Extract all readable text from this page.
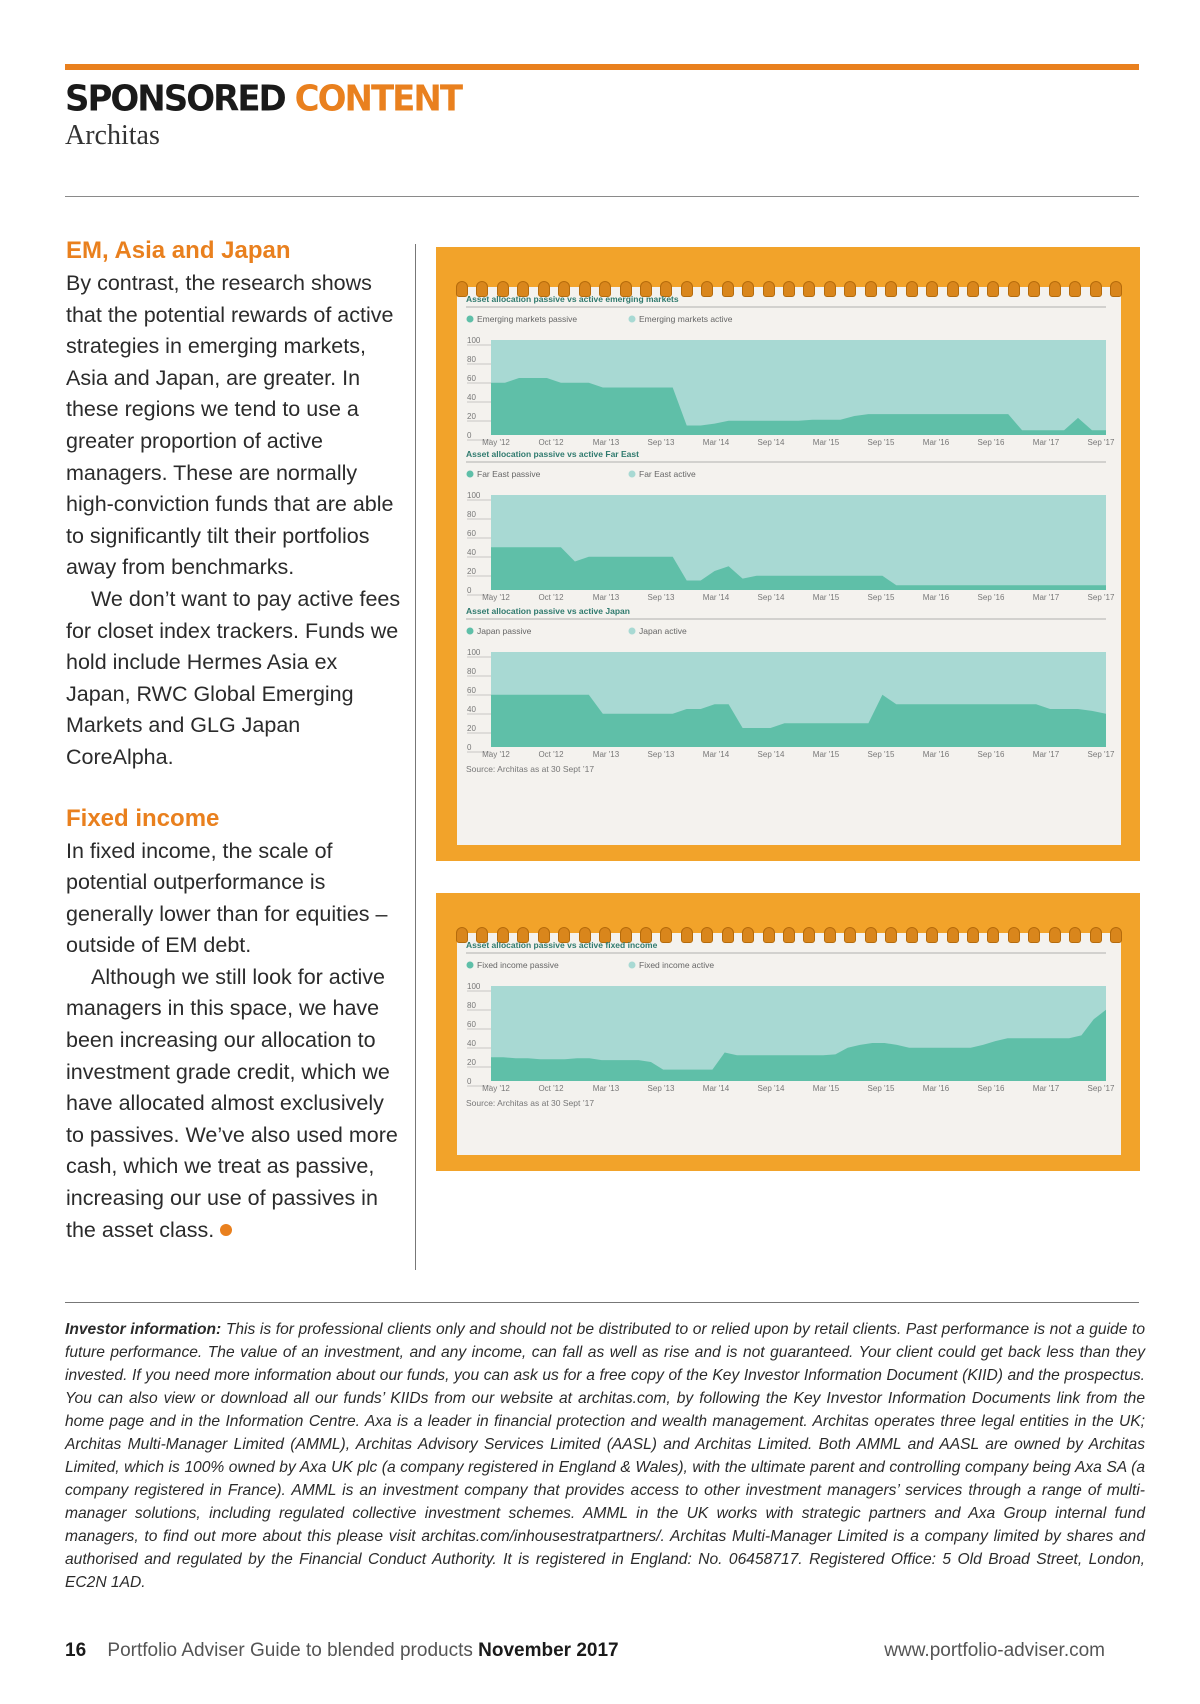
SPONSORED CONTENT
Architas
EM, Asia and Japan

By contrast, the research shows that the potential rewards of active strategies in emerging markets, Asia and Japan, are greater. In these regions we tend to use a greater proportion of active managers. These are normally high-conviction funds that are able to significantly tilt their portfolios away from benchmarks.

We don’t want to pay active fees for closet index trackers. Funds we hold include Hermes Asia ex Japan, RWC Global Emerging Markets and GLG Japan CoreAlpha.

Fixed income

In fixed income, the scale of potential outperformance is generally lower than for equities – outside of EM debt.

Although we still look for active managers in this space, we have been increasing our allocation to investment grade credit, which we have allocated almost exclusively to passives. We’ve also used more cash, which we treat as passive, increasing our use of passives in the asset class.

Asset allocation passive vs active emerging markets
Emerging markets passive	Emerging markets active
100
80
60
40
20
0
May '12	Oct '12	Mar '13	Sep '13	Mar '14	Sep '14	Mar '15	Sep '15	Mar '16	Sep '16	Mar '17	Sep '17
Asset allocation passive vs active Far East
Far East passive	Far East active
100
80
60
40
20
0
May '12	Oct '12	Mar '13	Sep '13	Mar '14	Sep '14	Mar '15	Sep '15	Mar '16	Sep '16	Mar '17	Sep '17
Asset allocation passive vs active Japan
Japan passive	Japan active
100
80
60
40
20
0
May '12	Oct '12	Mar '13	Sep '13	Mar '14	Sep '14	Mar '15	Sep '15	Mar '16	Sep '16	Mar '17	Sep '17
Source: Architas as at 30 Sept ’17
Asset allocation passive vs active fixed income
Fixed income passive	Fixed income active
100
80
60
40
20
0
May '12	Oct '12	Mar '13	Sep '13	Mar '14	Sep '14	Mar '15	Sep '15	Mar '16	Sep '16	Mar '17	Sep '17
Source: Architas as at 30 Sept ’17
Investor information: This is for professional clients only and should not be distributed to or relied upon by retail clients. Past performance is not a guide to future performance. The value of an investment, and any income, can fall as well as rise and is not guaranteed. Your client could get back less than they invested. If you need more information about our funds, you can ask us for a free copy of the Key Investor Information Document (KIID) and the prospectus. You can also view or download all our funds’ KIIDs from our website at architas.com, by following the Key Investor Information Documents link from the home page and in the Information Centre. Axa is a leader in financial protection and wealth management. Architas operates three legal entities in the UK; Architas Multi-Manager Limited (AMML), Architas Advisory Services Limited (AASL) and Architas Limited. Both AMML and AASL are owned by Architas Limited, which is 100% owned by Axa UK plc (a company registered in England & Wales), with the ultimate parent and controlling company being Axa SA (a company registered in France). AMML is an investment company that provides access to other investment managers’ services through a range of multi-manager solutions, including regulated collective investment schemes. AMML in the UK works with strategic partners and Axa Group internal fund managers, to find out more about this please visit architas.com/inhousestratpartners/. Architas Multi-Manager Limited is a company limited by shares and authorised and regulated by the Financial Conduct Authority. It is registered in England: No. 06458717. Registered Office: 5 Old Broad Street, London, EC2N 1AD.
16 Portfolio Adviser Guide to blended products November 2017	www.portfolio-adviser.com
